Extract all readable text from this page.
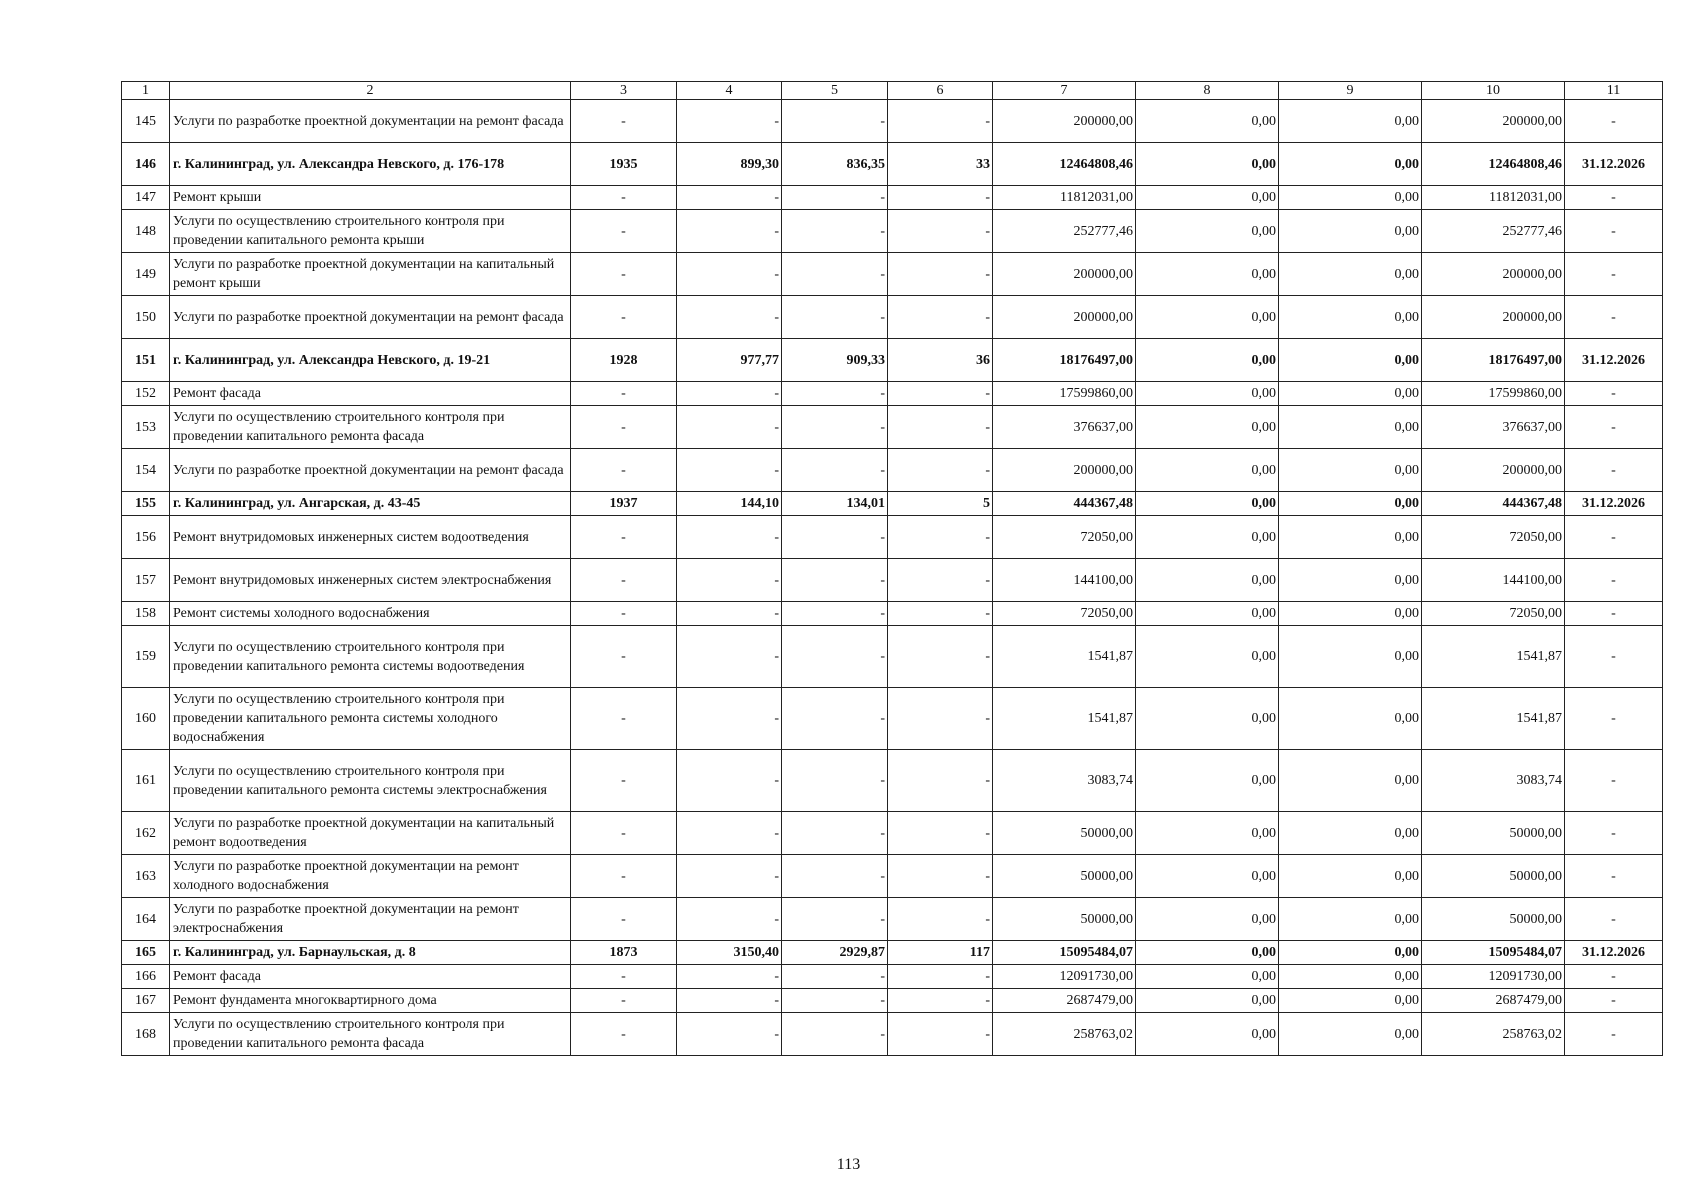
1	2	3	4	5	6	7	8	9	10	11
145	Услуги по разработке проектной документации на ремонт фасада	-	-	-	-	200000,00	0,00	0,00	200000,00	-
146	г. Калининград, ул. Александра Невского, д. 176-178	1935	899,30	836,35	33	12464808,46	0,00	0,00	12464808,46	31.12.2026
147	Ремонт крыши	-	-	-	-	11812031,00	0,00	0,00	11812031,00	-
148	Услуги по осуществлению строительного контроля при проведении капитального ремонта крыши	-	-	-	-	252777,46	0,00	0,00	252777,46	-
149	Услуги по разработке проектной документации на капитальный ремонт крыши	-	-	-	-	200000,00	0,00	0,00	200000,00	-
150	Услуги по разработке проектной документации на ремонт фасада	-	-	-	-	200000,00	0,00	0,00	200000,00	-
151	г. Калининград, ул. Александра Невского, д. 19-21	1928	977,77	909,33	36	18176497,00	0,00	0,00	18176497,00	31.12.2026
152	Ремонт фасада	-	-	-	-	17599860,00	0,00	0,00	17599860,00	-
153	Услуги по осуществлению строительного контроля при проведении капитального ремонта фасада	-	-	-	-	376637,00	0,00	0,00	376637,00	-
154	Услуги по разработке проектной документации на ремонт фасада	-	-	-	-	200000,00	0,00	0,00	200000,00	-
155	г. Калининград, ул. Ангарская, д. 43-45	1937	144,10	134,01	5	444367,48	0,00	0,00	444367,48	31.12.2026
156	Ремонт внутридомовых инженерных систем водоотведения	-	-	-	-	72050,00	0,00	0,00	72050,00	-
157	Ремонт внутридомовых инженерных систем электроснабжения	-	-	-	-	144100,00	0,00	0,00	144100,00	-
158	Ремонт системы холодного водоснабжения	-	-	-	-	72050,00	0,00	0,00	72050,00	-
159	Услуги по осуществлению строительного контроля при проведении капитального ремонта системы водоотведения	-	-	-	-	1541,87	0,00	0,00	1541,87	-
160	Услуги по осуществлению строительного контроля при проведении капитального ремонта системы холодного водоснабжения	-	-	-	-	1541,87	0,00	0,00	1541,87	-
161	Услуги по осуществлению строительного контроля при проведении капитального ремонта системы электроснабжения	-	-	-	-	3083,74	0,00	0,00	3083,74	-
162	Услуги по разработке проектной документации на капитальный ремонт водоотведения	-	-	-	-	50000,00	0,00	0,00	50000,00	-
163	Услуги по разработке проектной документации на ремонт холодного водоснабжения	-	-	-	-	50000,00	0,00	0,00	50000,00	-
164	Услуги по разработке проектной документации на ремонт электроснабжения	-	-	-	-	50000,00	0,00	0,00	50000,00	-
165	г. Калининград, ул. Барнаульская, д. 8	1873	3150,40	2929,87	117	15095484,07	0,00	0,00	15095484,07	31.12.2026
166	Ремонт фасада	-	-	-	-	12091730,00	0,00	0,00	12091730,00	-
167	Ремонт фундамента многоквартирного дома	-	-	-	-	2687479,00	0,00	0,00	2687479,00	-
168	Услуги по осуществлению строительного контроля при проведении капитального ремонта фасада	-	-	-	-	258763,02	0,00	0,00	258763,02	-
113
